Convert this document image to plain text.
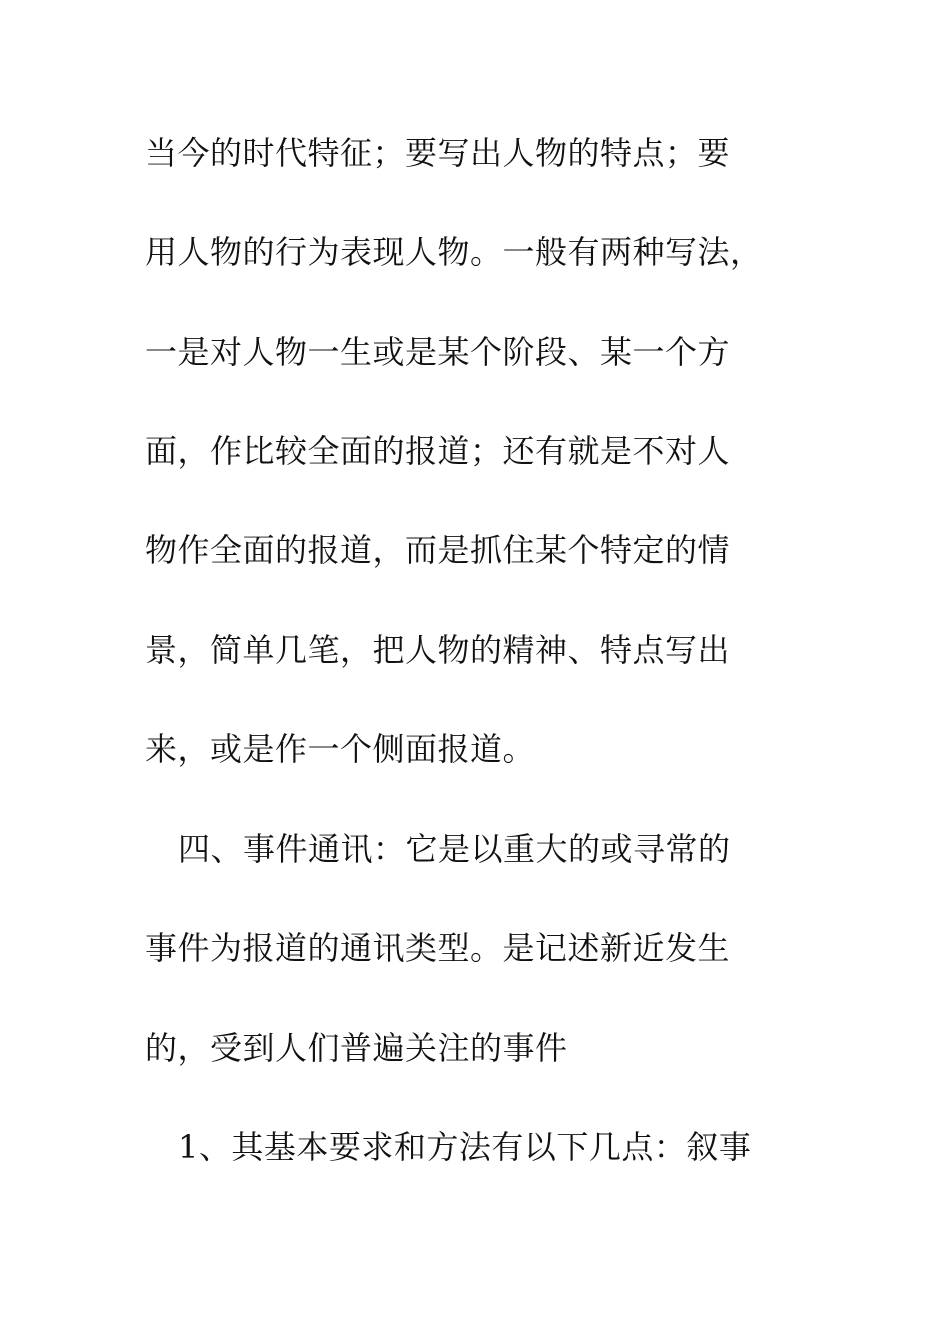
当今的时代特征；要写出人物的特点；要
用人物的行为表现人物。一般有两种写法，
一是对人物一生或是某个阶段、某一个方
面，作比较全面的报道；还有就是不对人
物作全面的报道，而是抓住某个特定的情
景，简单几笔，把人物的精神、特点写出
来，或是作一个侧面报道。
四、事件通讯：它是以重大的或寻常的
事件为报道的通讯类型。是记述新近发生
的，受到人们普遍关注的事件
1、其基本要求和方法有以下几点：叙事
